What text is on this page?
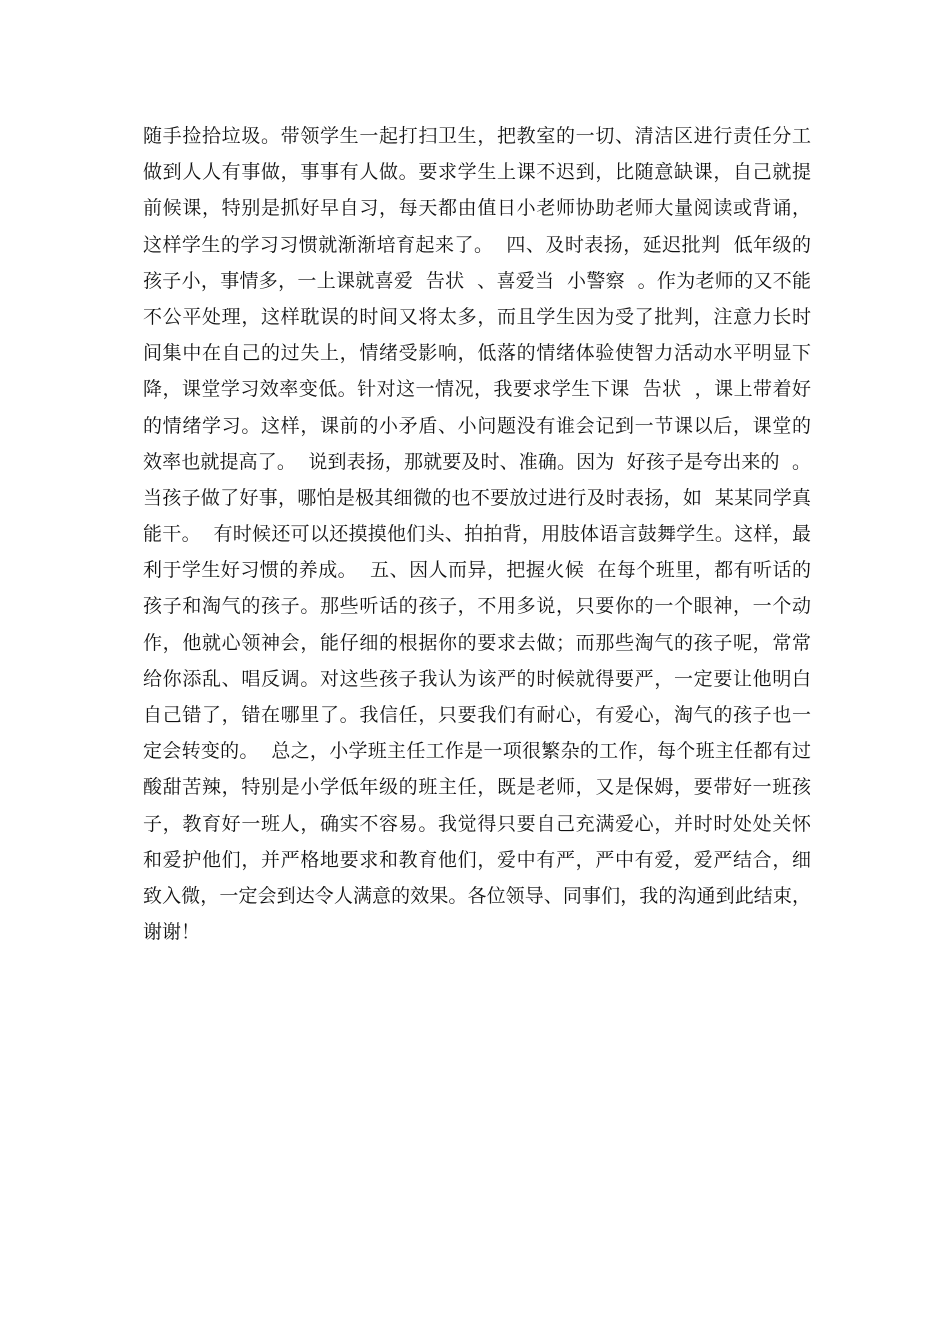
随手捡拾垃圾。带领学生一起打扫卫生，把教室的一切、清洁区进行责任分工
做到人人有事做，事事有人做。要求学生上课不迟到，比随意缺课，自己就提
前候课，特别是抓好早自习，每天都由值日小老师协助老师大量阅读或背诵，
这样学生的学习习惯就渐渐培育起来了。  四、及时表扬，延迟批判  低年级的
孩子小，事情多，一上课就喜爱  告状  、喜爱当  小警察  。作为老师的又不能
不公平处理，这样耽误的时间又将太多，而且学生因为受了批判，注意力长时
间集中在自己的过失上，情绪受影响，低落的情绪体验使智力活动水平明显下
降，课堂学习效率变低。针对这一情况，我要求学生下课  告状  ，课上带着好
的情绪学习。这样，课前的小矛盾、小问题没有谁会记到一节课以后，课堂的
效率也就提高了。  说到表扬，那就要及时、准确。因为  好孩子是夸出来的  。
当孩子做了好事，哪怕是极其细微的也不要放过进行及时表扬，如  某某同学真
能干。  有时候还可以还摸摸他们头、拍拍背，用肢体语言鼓舞学生。这样，最
利于学生好习惯的养成。  五、因人而异，把握火候  在每个班里，都有听话的
孩子和淘气的孩子。那些听话的孩子，不用多说，只要你的一个眼神，一个动
作，他就心领神会，能仔细的根据你的要求去做；而那些淘气的孩子呢，常常
给你添乱、唱反调。对这些孩子我认为该严的时候就得要严，一定要让他明白
自己错了，错在哪里了。我信任，只要我们有耐心，有爱心，淘气的孩子也一
定会转变的。  总之，小学班主任工作是一项很繁杂的工作，每个班主任都有过
酸甜苦辣，特别是小学低年级的班主任，既是老师，又是保姆，要带好一班孩
子，教育好一班人，确实不容易。我觉得只要自己充满爱心，并时时处处关怀
和爱护他们，并严格地要求和教育他们，爱中有严，严中有爱，爱严结合，细
致入微，一定会到达令人满意的效果。各位领导、同事们，我的沟通到此结束，
谢谢！
